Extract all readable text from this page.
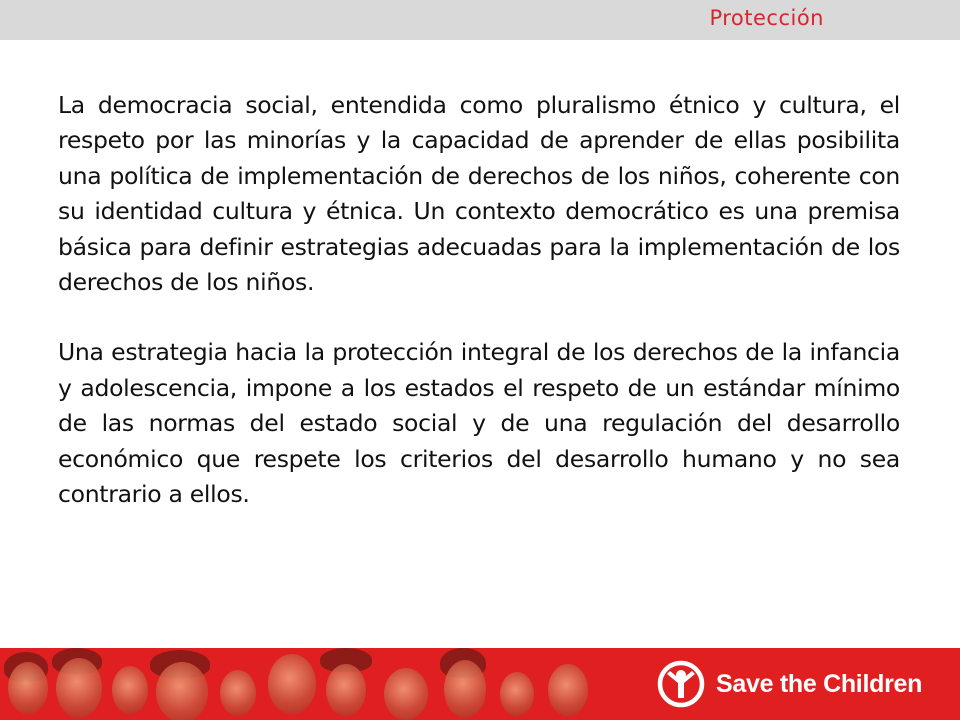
Protección

La democracia social, entendida como pluralismo étnico y cultura, el respeto por las minorías y la capacidad de aprender de ellas posibilita una política de implementación de derechos de los niños, coherente con su identidad cultura y étnica. Un contexto democrático es una premisa básica para definir estrategias adecuadas para la implementación de los derechos de los niños.

Una estrategia hacia la protección integral de los derechos de la infancia y adolescencia, impone a los estados el respeto de un estándar mínimo de las normas del estado social y de una regulación del desarrollo económico que respete los criterios del desarrollo humano y no sea contrario a ellos.

Save the Children
